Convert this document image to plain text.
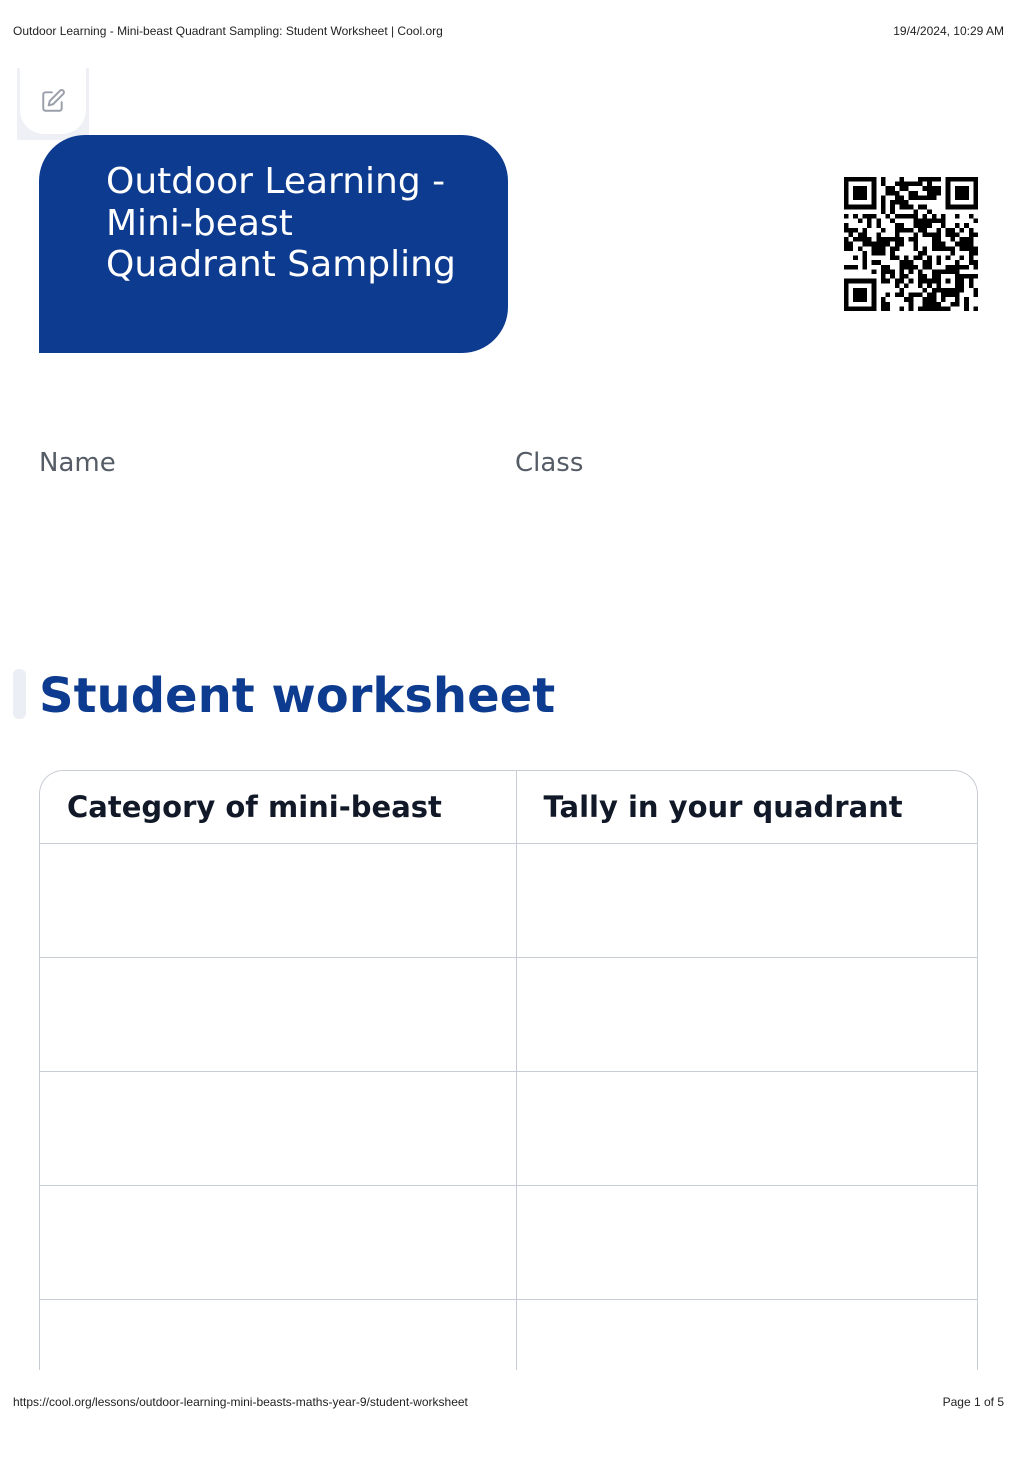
Outdoor Learning - Mini-beast Quadrant Sampling: Student Worksheet | Cool.org	19/4/2024, 10:29 AM
Outdoor Learning - Mini-beast Quadrant Sampling
Name	Class
Student worksheet
Category of mini-beast	Tally in your quadrant

https://cool.org/lessons/outdoor-learning-mini-beasts-maths-year-9/student-worksheet	Page 1 of 5
